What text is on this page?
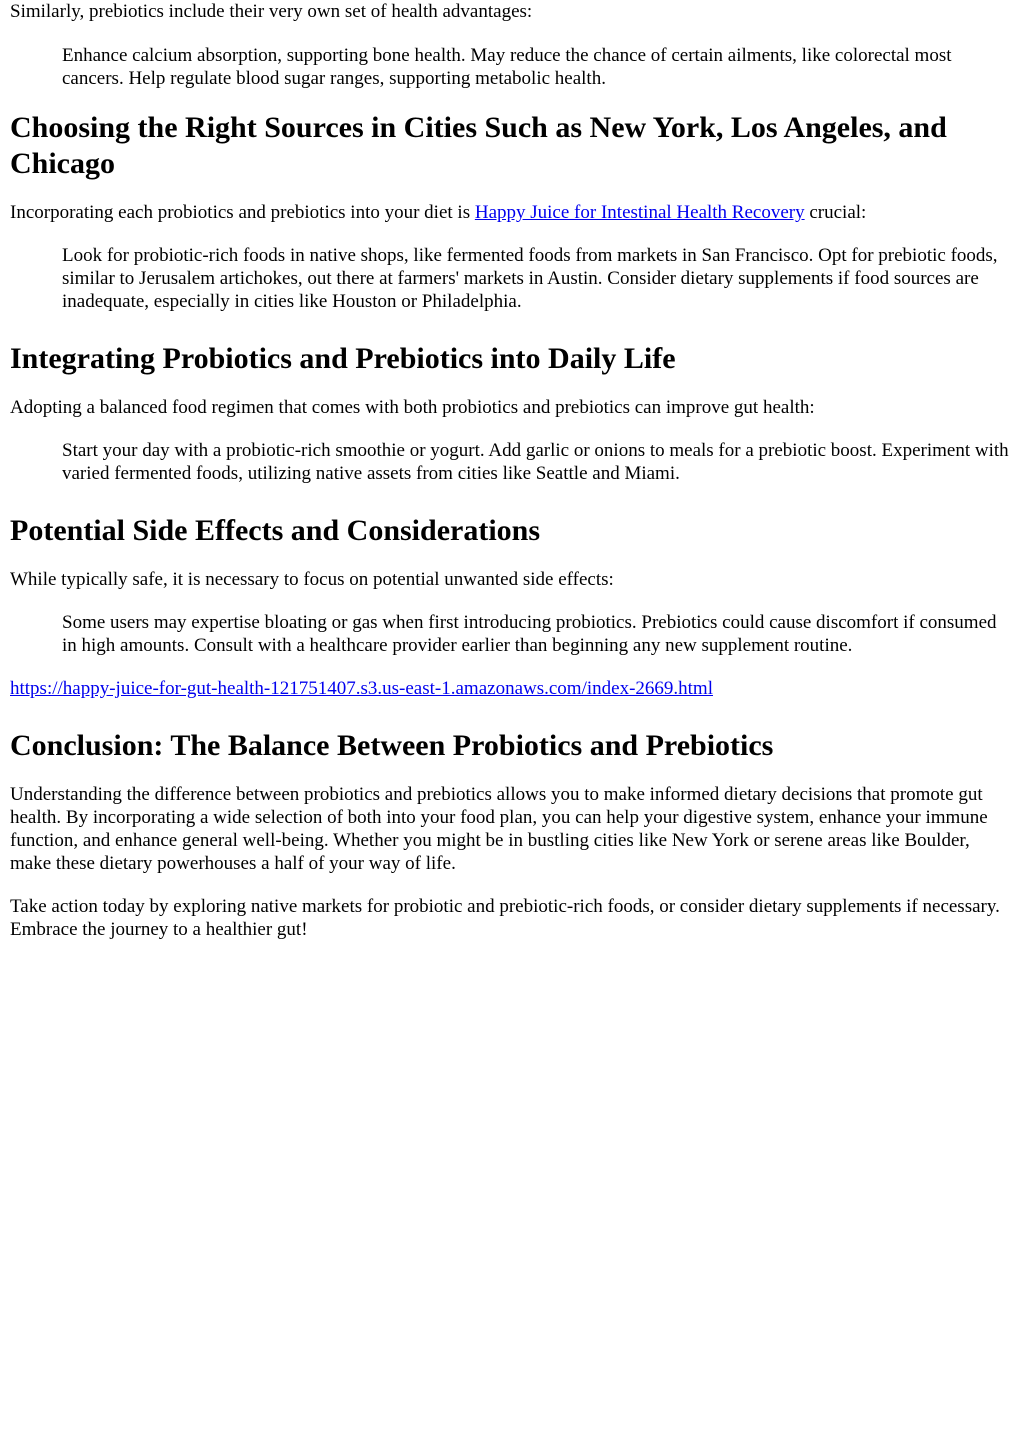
Similarly, prebiotics include their very own set of health advantages:

Enhance calcium absorption, supporting bone health. May reduce the chance of certain ailments, like colorectal most cancers. Help regulate blood sugar ranges, supporting metabolic health.

Choosing the Right Sources in Cities Such as New York, Los Angeles, and Chicago

Incorporating each probiotics and prebiotics into your diet is Happy Juice for Intestinal Health Recovery crucial:

Look for probiotic-rich foods in native shops, like fermented foods from markets in San Francisco. Opt for prebiotic foods, similar to Jerusalem artichokes, out there at farmers' markets in Austin. Consider dietary supplements if food sources are inadequate, especially in cities like Houston or Philadelphia.

Integrating Probiotics and Prebiotics into Daily Life

Adopting a balanced food regimen that comes with both probiotics and prebiotics can improve gut health:

Start your day with a probiotic-rich smoothie or yogurt. Add garlic or onions to meals for a prebiotic boost. Experiment with varied fermented foods, utilizing native assets from cities like Seattle and Miami.

Potential Side Effects and Considerations

While typically safe, it is necessary to focus on potential unwanted side effects:

Some users may expertise bloating or gas when first introducing probiotics. Prebiotics could cause discomfort if consumed in high amounts. Consult with a healthcare provider earlier than beginning any new supplement routine.

https://happy-juice-for-gut-health-121751407.s3.us-east-1.amazonaws.com/index-2669.html

Conclusion: The Balance Between Probiotics and Prebiotics

Understanding the difference between probiotics and prebiotics allows you to make informed dietary decisions that promote gut health. By incorporating a wide selection of both into your food plan, you can help your digestive system, enhance your immune function, and enhance general well-being. Whether you might be in bustling cities like New York or serene areas like Boulder, make these dietary powerhouses a half of your way of life.

Take action today by exploring native markets for probiotic and prebiotic-rich foods, or consider dietary supplements if necessary. Embrace the journey to a healthier gut!
